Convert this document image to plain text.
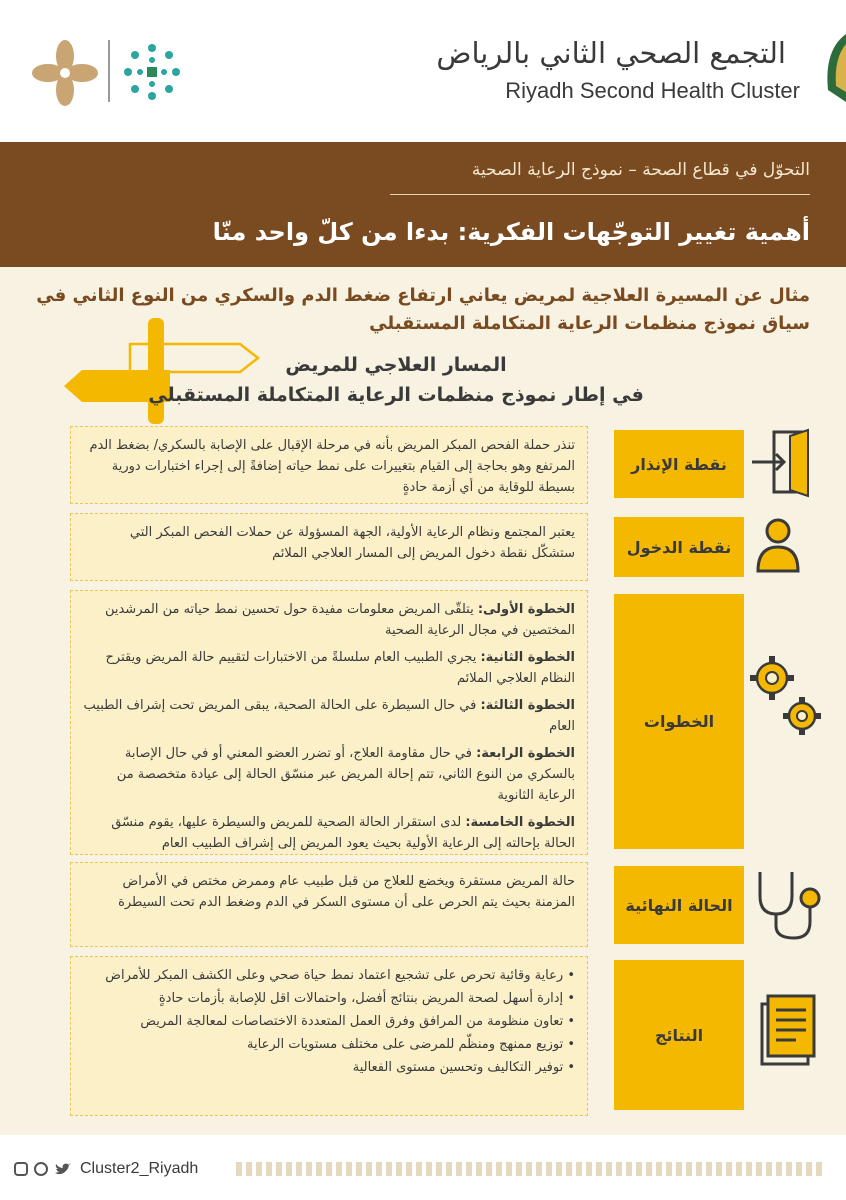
التجمع الصحي الثاني بالرياض
Riyadh Second Health Cluster
التحوّل في قطاع الصحة – نموذج الرعاية الصحية
أهمية تغيير التوجّهات الفكرية: بدءا من كلّ واحد منّا
مثال عن المسيرة العلاجية لمريض يعاني ارتفاع ضغط الدم والسكري من النوع الثاني في سياق نموذج منظمات الرعاية المتكاملة المستقبلي
المسار العلاجي للمريض
في إطار نموذج منظمات الرعاية المتكاملة المستقبلي
تنذر حملة الفحص المبكر المريض بأنه في مرحلة الإقبال على الإصابة بالسكري/ بضغط الدم المرتفع وهو بحاجة إلى القيام بتغييرات على نمط حياته إضافةً إلى إجراء اختبارات دورية بسيطة للوقاية من أي أزمة حادةٍ
نقطة الإنذار
يعتبر المجتمع ونظام الرعاية الأولية، الجهة المسؤولة عن حملات الفحص المبكر التي ستشكّل نقطة دخول المريض إلى المسار العلاجي الملائم	نقطة الدخول
الخطوة الأولى: يتلقّى المريض معلومات مفيدة حول تحسين نمط حياته من المرشدين المختصين في مجال الرعاية الصحية
الخطوة الثانية: يجري الطبيب العام سلسلةً من الاختبارات لتقييم حالة المريض ويقترح النظام العلاجي الملائم
الخطوة الثالثة: في حال السيطرة على الحالة الصحية، يبقى المريض تحت إشراف الطبيب العام
الخطوة الرابعة: في حال مقاومة العلاج، أو تضرر العضو المعني أو في حال الإصابة بالسكري من النوع الثاني، تتم إحالة المريض عبر منسّق الحالة إلى عيادة متخصصة من الرعاية الثانوية
الخطوة الخامسة: لدى استقرار الحالة الصحية للمريض والسيطرة عليها، يقوم منسّق الحالة بإحالته إلى الرعاية الأولية بحيث يعود المريض إلى إشراف الطبيب العام
الخطوات
حالة المريض مستقرة ويخضع للعلاج من قبل طبيب عام وممرض مختص في الأمراض المزمنة بحيث يتم الحرص على أن مستوى السكر في الدم وضغط الدم تحت السيطرة	الحالة النهائية
• رعاية وقائية تحرص على تشجيع اعتماد نمط حياة صحي وعلى الكشف المبكر للأمراض
• إدارة أسهل لصحة المريض بنتائج أفضل، واحتمالات اقل للإصابة بأزمات حادةٍ
• تعاون منظومة من المرافق وفرق العمل المتعددة الاختصاصات لمعالجة المريض
• توزيع ممنهج ومنظّم للمرضى على مختلف مستويات الرعاية
• توفير التكاليف وتحسين مستوى الفعالية
النتائج
Cluster2_Riyadh
